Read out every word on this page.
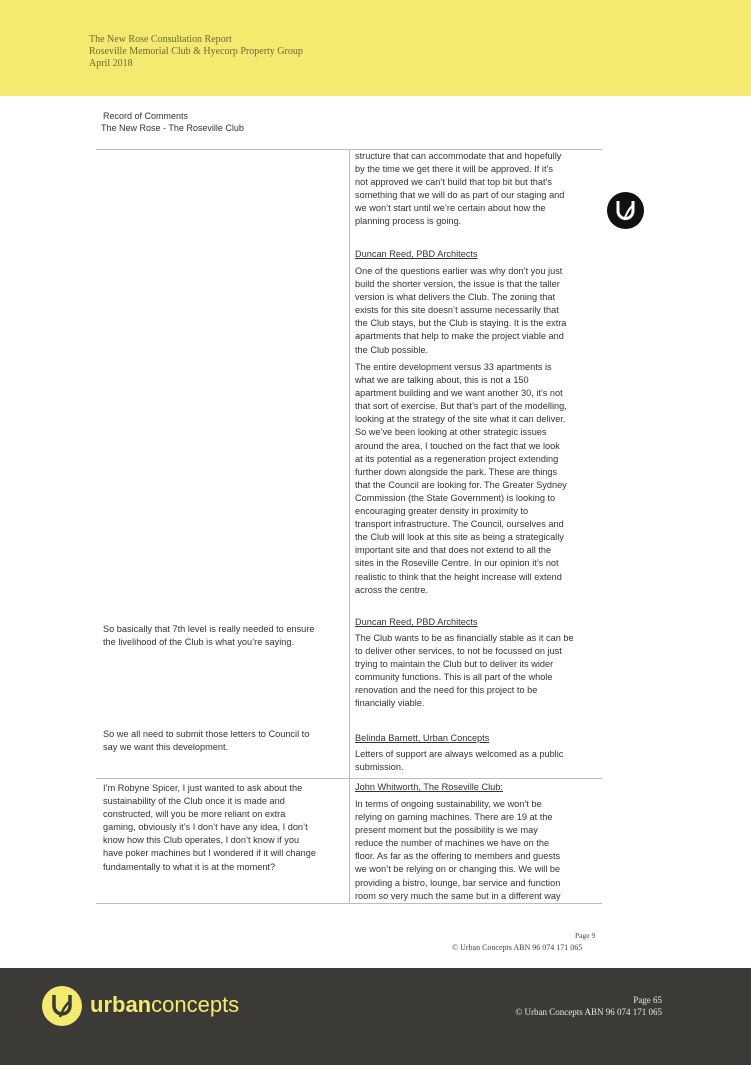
The New Rose Consultation Report
Roseville Memorial Club & Hyecorp Property Group
April 2018
Record of Comments
The New Rose - The Roseville Club
structure that can accommodate that and hopefully
by the time we get there it will be approved. If it’s
not approved we can’t build that top bit but that’s
something that we will do as part of our staging and
we won’t start until we’re certain about how the
planning process is going.
Duncan Reed, PBD Architects
One of the questions earlier was why don’t you just
build the shorter version, the issue is that the taller
version is what delivers the Club. The zoning that
exists for this site doesn’t assume necessarily that
the Club stays, but the Club is staying. It is the extra
apartments that help to make the project viable and
the Club possible.
The entire development versus 33 apartments is
what we are talking about, this is not a 150
apartment building and we want another 30, it’s not
that sort of exercise. But that’s part of the modelling,
looking at the strategy of the site what it can deliver.
So we’ve been looking at other strategic issues
around the area, I touched on the fact that we look
at its potential as a regeneration project extending
further down alongside the park. These are things
that the Council are looking for. The Greater Sydney
Commission (the State Government) is looking to
encouraging greater density in proximity to
transport infrastructure. The Council, ourselves and
the Club will look at this site as being a strategically
important site and that does not extend to all the
sites in the Roseville Centre. In our opinion it’s not
realistic to think that the height increase will extend
across the centre.
So basically that 7th level is really needed to ensure
the livelihood of the Club is what you’re saying.
Duncan Reed, PBD Architects
The Club wants to be as financially stable as it can be
to deliver other services, to not be focussed on just
trying to maintain the Club but to deliver its wider
community functions. This is all part of the whole
renovation and the need for this project to be
financially viable.
So we all need to submit those letters to Council to
say we want this development.
Belinda Barnett, Urban Concepts
Letters of support are always welcomed as a public
submission.
I’m Robyne Spicer, I just wanted to ask about the
sustainability of the Club once it is made and
constructed, will you be more reliant on extra
gaming, obviously it’s I don’t have any idea, I don’t
know how this Club operates, I don’t know if you
have poker machines but I wondered if it will change
fundamentally to what it is at the moment?
John Whitworth, The Roseville Club:
In terms of ongoing sustainability, we won’t be
relying on gaming machines. There are 19 at the
present moment but the possibility is we may
reduce the number of machines we have on the
floor. As far as the offering to members and guests
we won’t be relying on or changing this. We will be
providing a bistro, lounge, bar service and function
room so very much the same but in a different way
Page 9
© Urban Concepts ABN 96 074 171 065
urbanconcepts	Page 65
© Urban Concepts ABN 96 074 171 065
